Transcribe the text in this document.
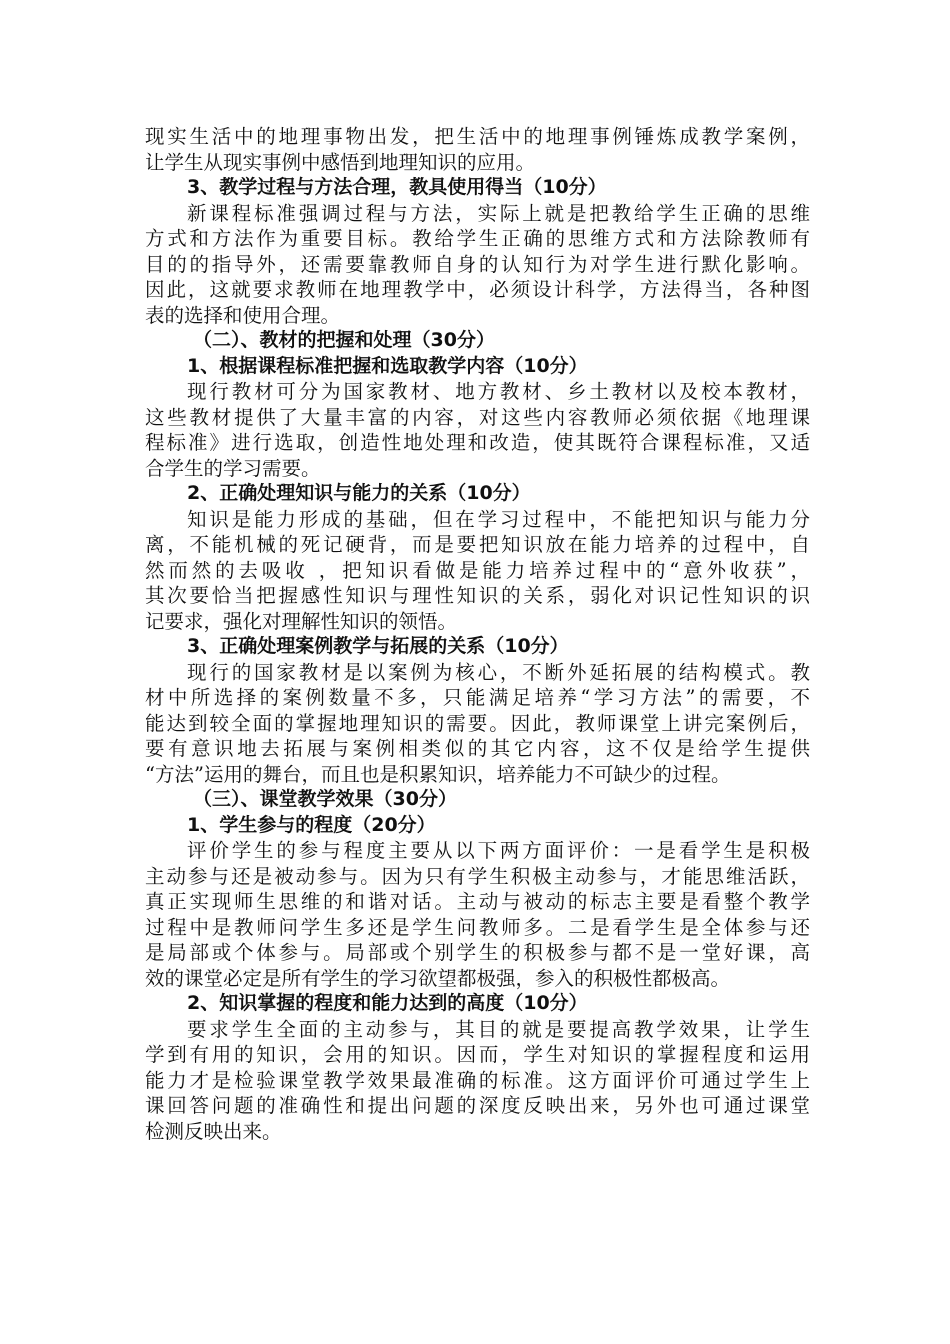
现实生活中的地理事物出发，把生活中的地理事例锤炼成教学案例，
让学生从现实事例中感悟到地理知识的应用。
3、教学过程与方法合理，教具使用得当（10分）
新课程标准强调过程与方法，实际上就是把教给学生正确的思维
方式和方法作为重要目标。教给学生正确的思维方式和方法除教师有
目的的指导外，还需要靠教师自身的认知行为对学生进行默化影响。
因此，这就要求教师在地理教学中，必须设计科学，方法得当，各种图
表的选择和使用合理。
（二）、教材的把握和处理（30分）
1、根据课程标准把握和选取教学内容（10分）
现行教材可分为国家教材、地方教材、乡土教材以及校本教材，
这些教材提供了大量丰富的内容，对这些内容教师必须依据《地理课
程标准》进行选取，创造性地处理和改造，使其既符合课程标准，又适
合学生的学习需要。
2、正确处理知识与能力的关系（10分）
知识是能力形成的基础，但在学习过程中，不能把知识与能力分
离，不能机械的死记硬背，而是要把知识放在能力培养的过程中，自
然而然的去吸收 ，把知识看做是能力培养过程中的“意外收获”，
其次要恰当把握感性知识与理性知识的关系，弱化对识记性知识的识
记要求，强化对理解性知识的领悟。
3、正确处理案例教学与拓展的关系（10分）
现行的国家教材是以案例为核心，不断外延拓展的结构模式。教
材中所选择的案例数量不多，只能满足培养“学习方法”的需要，不
能达到较全面的掌握地理知识的需要。因此，教师课堂上讲完案例后，
要有意识地去拓展与案例相类似的其它内容，这不仅是给学生提供
“方法”运用的舞台，而且也是积累知识，培养能力不可缺少的过程。
（三）、课堂教学效果（30分）
1、学生参与的程度（20分）
评价学生的参与程度主要从以下两方面评价：一是看学生是积极
主动参与还是被动参与。因为只有学生积极主动参与，才能思维活跃，
真正实现师生思维的和谐对话。主动与被动的标志主要是看整个教学
过程中是教师问学生多还是学生问教师多。二是看学生是全体参与还
是局部或个体参与。局部或个别学生的积极参与都不是一堂好课，高
效的课堂必定是所有学生的学习欲望都极强，参入的积极性都极高。
2、知识掌握的程度和能力达到的高度（10分）
要求学生全面的主动参与，其目的就是要提高教学效果，让学生
学到有用的知识，会用的知识。因而，学生对知识的掌握程度和运用
能力才是检验课堂教学效果最准确的标准。这方面评价可通过学生上
课回答问题的准确性和提出问题的深度反映出来，另外也可通过课堂
检测反映出来。
